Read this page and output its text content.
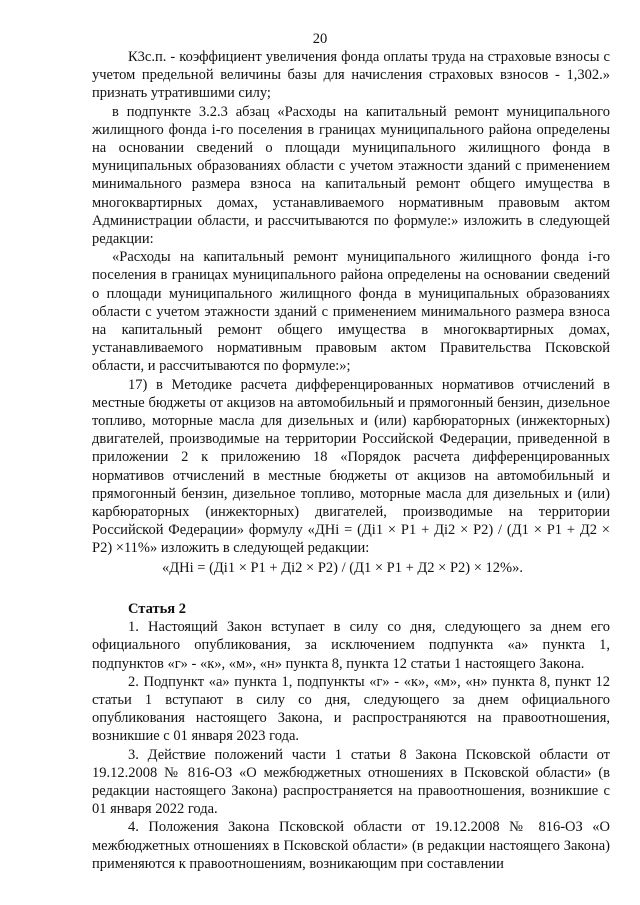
20

К3с.п. - коэффициент увеличения фонда оплаты труда на страховые взносы с учетом предельной величины базы для начисления страховых взносов - 1,302.» признать утратившими силу;

в подпункте 3.2.3 абзац «Расходы на капитальный ремонт муниципального жилищного фонда i-го поселения в границах муниципального района определены на основании сведений о площади муниципального жилищного фонда в муниципальных образованиях области с учетом этажности зданий с применением минимального размера взноса на капитальный ремонт общего имущества в многоквартирных домах, устанавливаемого нормативным правовым актом Администрации области, и рассчитываются по формуле:» изложить в следующей редакции:

«Расходы на капитальный ремонт муниципального жилищного фонда i-го поселения в границах муниципального района определены на основании сведений о площади муниципального жилищного фонда в муниципальных образованиях области с учетом этажности зданий с применением минимального размера взноса на капитальный ремонт общего имущества в многоквартирных домах, устанавливаемого нормативным правовым актом Правительства Псковской области, и рассчитываются по формуле:»;

17) в Методике расчета дифференцированных нормативов отчислений в местные бюджеты от акцизов на автомобильный и прямогонный бензин, дизельное топливо, моторные масла для дизельных и (или) карбюраторных (инжекторных) двигателей, производимые на территории Российской Федерации, приведенной в приложении 2 к приложению 18 «Порядок расчета дифференцированных нормативов отчислений в местные бюджеты от акцизов на автомобильный и прямогонный бензин, дизельное топливо, моторные масла для дизельных и (или) карбюраторных (инжекторных) двигателей, производимые на территории Российской Федерации» формулу «ДНi = (Дi1 × P1 + Дi2 × P2) / (Д1 × P1 + Д2 × P2) ×11%» изложить в следующей редакции:

«ДНi = (Дi1 × P1 + Дi2 × P2) / (Д1 × P1 + Д2 × P2) × 12%».

Статья 2

1. Настоящий Закон вступает в силу со дня, следующего за днем его официального опубликования, за исключением подпункта «а» пункта 1, подпунктов «г» - «к», «м», «н» пункта 8, пункта 12 статьи 1 настоящего Закона.

2. Подпункт «а» пункта 1, подпункты «г» - «к», «м», «н» пункта 8, пункт 12 статьи 1 вступают в силу со дня, следующего за днем официального опубликования настоящего Закона, и распространяются на правоотношения, возникшие с 01 января 2023 года.

3. Действие положений части 1 статьи 8 Закона Псковской области от 19.12.2008 № 816-ОЗ «О межбюджетных отношениях в Псковской области» (в редакции настоящего Закона) распространяется на правоотношения, возникшие с 01 января 2022 года.

4. Положения Закона Псковской области от 19.12.2008 № 816-ОЗ «О межбюджетных отношениях в Псковской области» (в редакции настоящего Закона) применяются к правоотношениям, возникающим при составлении
